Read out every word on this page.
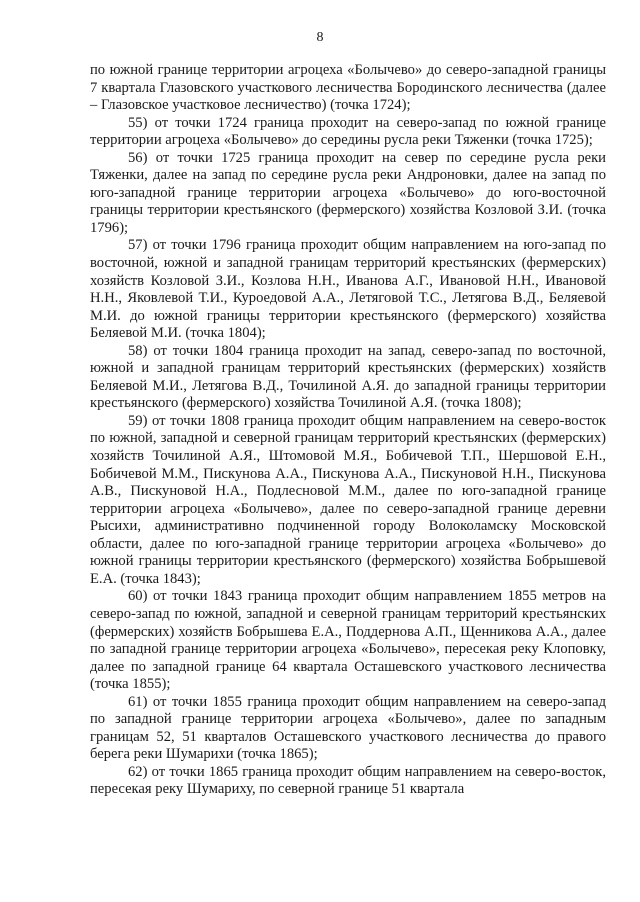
8

по южной границе территории агроцеха «Болычево» до северо-западной границы 7 квартала Глазовского участкового лесничества Бородинского лесничества (далее – Глазовское участковое лесничество) (точка 1724);

55) от точки 1724 граница проходит на северо-запад по южной границе территории агроцеха «Болычево» до середины русла реки Тяженки (точка 1725);

56) от точки 1725 граница проходит на север по середине русла реки Тяженки, далее на запад по середине русла реки Андроновки, далее на запад по юго-западной границе территории агроцеха «Болычево» до юго-восточной границы территории крестьянского (фермерского) хозяйства Козловой З.И. (точка 1796);

57) от точки 1796 граница проходит общим направлением на юго-запад по восточной, южной и западной границам территорий крестьянских (фермерских) хозяйств Козловой З.И., Козлова Н.Н., Иванова А.Г., Ивановой Н.Н., Ивановой Н.Н., Яковлевой Т.И., Куроедовой А.А., Летяговой Т.С., Летягова В.Д., Беляевой М.И. до южной границы территории крестьянского (фермерского) хозяйства Беляевой М.И. (точка 1804);

58) от точки 1804 граница проходит на запад, северо-запад по восточной, южной и западной границам территорий крестьянских (фермерских) хозяйств Беляевой М.И., Летягова В.Д., Точилиной А.Я. до западной границы территории крестьянского (фермерского) хозяйства Точилиной А.Я. (точка 1808);

59) от точки 1808 граница проходит общим направлением на северо-восток по южной, западной и северной границам территорий крестьянских (фермерских) хозяйств Точилиной А.Я., Штомовой М.Я., Бобичевой Т.П., Шершовой Е.Н., Бобичевой М.М., Пискунова А.А., Пискунова А.А., Пискуновой Н.Н., Пискунова А.В., Пискуновой Н.А., Подлесновой М.М., далее по юго-западной границе территории агроцеха «Болычево», далее по северо-западной границе деревни Рысихи, административно подчиненной городу Волоколамску Московской области, далее по юго-западной границе территории агроцеха «Болычево» до южной границы территории крестьянского (фермерского) хозяйства Бобрышевой Е.А. (точка 1843);

60) от точки 1843 граница проходит общим направлением 1855 метров на северо-запад по южной, западной и северной границам территорий крестьянских (фермерских) хозяйств Бобрышева Е.А., Поддернова А.П., Щенникова А.А., далее по западной границе территории агроцеха «Болычево», пересекая реку Клоповку, далее по западной границе 64 квартала Осташевского участкового лесничества (точка 1855);

61) от точки 1855 граница проходит общим направлением на северо-запад по западной границе территории агроцеха «Болычево», далее по западным границам 52, 51 кварталов Осташевского участкового лесничества до правого берега реки Шумарихи (точка 1865);

62) от точки 1865 граница проходит общим направлением на северо-восток, пересекая реку Шумариху, по северной границе 51 квартала
